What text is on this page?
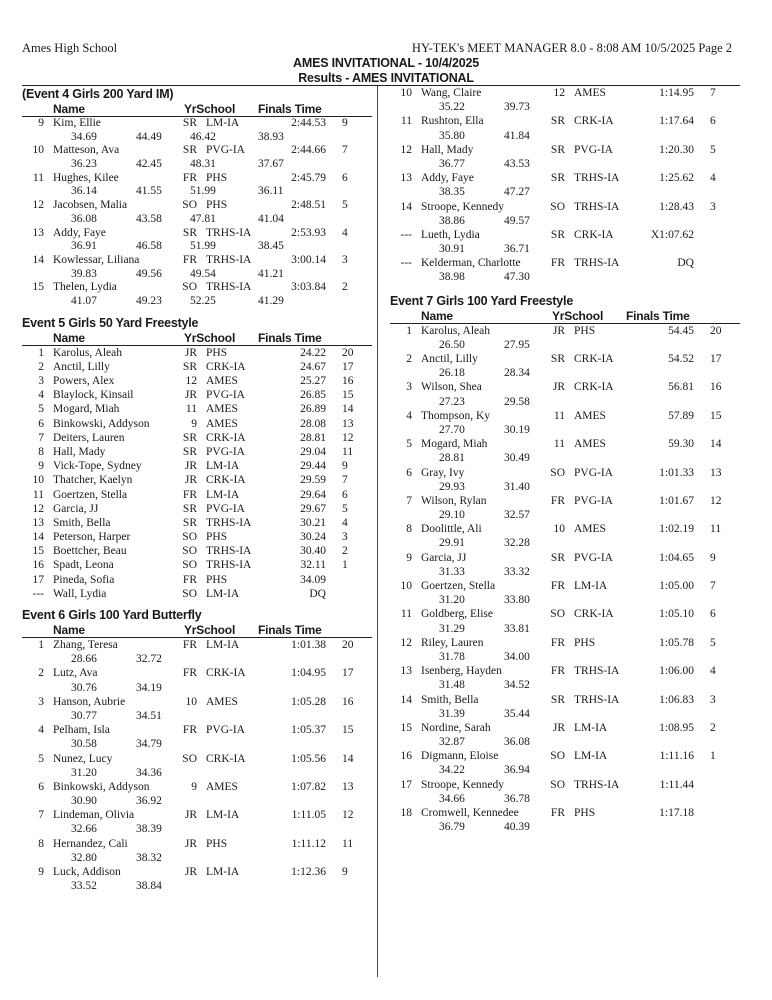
Ames High School	HY-TEK's MEET MANAGER 8.0 - 8:08 AM 10/5/2025 Page 2
AMES INVITATIONAL - 10/4/2025
Results - AMES INVITATIONAL
(Event 4 Girls 200 Yard IM)
Name	YrSchool Finals Time
9 Kim, Ellie	SR LM-IA	2:44.53 9
34.69	44.49 46.42	38.93
10 Matteson, Ava	SR PVG-IA	2:44.66 7
36.23	42.45 48.31	37.67
11 Hughes, Kilee	FR PHS	2:45.79 6
36.14	41.55 51.99	36.11
12 Jacobsen, Malia	SO PHS	2:48.51 5
36.08	43.58 47.81	41.04
13 Addy, Faye	SR TRHS-IA	2:53.93 4
36.91	46.58 51.99	38.45
14 Kowlessar, Liliana	FR TRHS-IA	3:00.14 3
39.83	49.56 49.54	41.21
15 Thelen, Lydia	SO TRHS-IA	3:03.84 2
41.07	49.23 52.25	41.29
Event 5 Girls 50 Yard Freestyle
Name	YrSchool Finals Time
1 Karolus, Aleah	JR PHS	24.22 20
2 Anctil, Lilly	SR CRK-IA	24.67 17
3 Powers, Alex	12 AMES	25.27 16
4 Blaylock, Kinsail	JR PVG-IA	26.85 15
5 Mogard, Miah	11 AMES	26.89 14
6 Binkowski, Addyson	9 AMES	28.08 13
7 Deiters, Lauren	SR CRK-IA	28.81 12
8 Hall, Mady	SR PVG-IA	29.04 11
9 Vick-Tope, Sydney	JR LM-IA	29.44 9
10 Thatcher, Kaelyn	JR CRK-IA	29.59 7
11 Goertzen, Stella	FR LM-IA	29.64 6
12 Garcia, JJ	SR PVG-IA	29.67 5
13 Smith, Bella	SR TRHS-IA	30.21 4
14 Peterson, Harper	SO PHS	30.24 3
15 Boettcher, Beau	SO TRHS-IA	30.40 2
16 Spadt, Leona	SO TRHS-IA	32.11 1
17 Pineda, Sofia	FR PHS	34.09
--- Wall, Lydia	SO LM-IA	DQ
Event 6 Girls 100 Yard Butterfly
Name	YrSchool Finals Time
1 Zhang, Teresa	FR LM-IA	1:01.38 20
28.66	32.72
2 Lutz, Ava	FR CRK-IA	1:04.95 17
30.76	34.19
3 Hanson, Aubrie	10 AMES	1:05.28 16
30.77	34.51
4 Pelham, Isla	FR PVG-IA	1:05.37 15
30.58	34.79
5 Nunez, Lucy	SO CRK-IA	1:05.56 14
31.20	34.36
6 Binkowski, Addyson	9 AMES	1:07.82 13
30.90	36.92
7 Lindeman, Olivia	JR LM-IA	1:11.05 12
32.66	38.39
8 Hernandez, Cali	JR PHS	1:11.12 11
32.80	38.32
9 Luck, Addison	JR LM-IA	1:12.36 9
33.52	38.84
10 Wang, Claire	12 AMES	1:14.95 7
35.22	39.73
11 Rushton, Ella	SR CRK-IA	1:17.64 6
35.80	41.84
12 Hall, Mady	SR PVG-IA	1:20.30 5
36.77	43.53
13 Addy, Faye	SR TRHS-IA	1:25.62 4
38.35	47.27
14 Stroope, Kennedy	SO TRHS-IA	1:28.43 3
38.86	49.57
--- Lueth, Lydia	SR CRK-IA	X1:07.62
30.91	36.71
--- Kelderman, Charlotte	FR TRHS-IA	DQ
38.98	47.30
Event 7 Girls 100 Yard Freestyle
Name	YrSchool Finals Time
1 Karolus, Aleah	JR PHS	54.45 20
26.50	27.95
2 Anctil, Lilly	SR CRK-IA	54.52 17
26.18	28.34
3 Wilson, Shea	JR CRK-IA	56.81 16
27.23	29.58
4 Thompson, Ky	11 AMES	57.89 15
27.70	30.19
5 Mogard, Miah	11 AMES	59.30 14
28.81	30.49
6 Gray, Ivy	SO PVG-IA	1:01.33 13
29.93	31.40
7 Wilson, Rylan	FR PVG-IA	1:01.67 12
29.10	32.57
8 Doolittle, Ali	10 AMES	1:02.19 11
29.91	32.28
9 Garcia, JJ	SR PVG-IA	1:04.65 9
31.33	33.32
10 Goertzen, Stella	FR LM-IA	1:05.00 7
31.20	33.80
11 Goldberg, Elise	SO CRK-IA	1:05.10 6
31.29	33.81
12 Riley, Lauren	FR PHS	1:05.78 5
31.78	34.00
13 Isenberg, Hayden	FR TRHS-IA	1:06.00 4
31.48	34.52
14 Smith, Bella	SR TRHS-IA	1:06.83 3
31.39	35.44
15 Nordine, Sarah	JR LM-IA	1:08.95 2
32.87	36.08
16 Digmann, Eloise	SO LM-IA	1:11.16 1
34.22	36.94
17 Stroope, Kennedy	SO TRHS-IA	1:11.44
34.66	36.78
18 Cromwell, Kennedee	FR PHS	1:17.18
36.79	40.39
